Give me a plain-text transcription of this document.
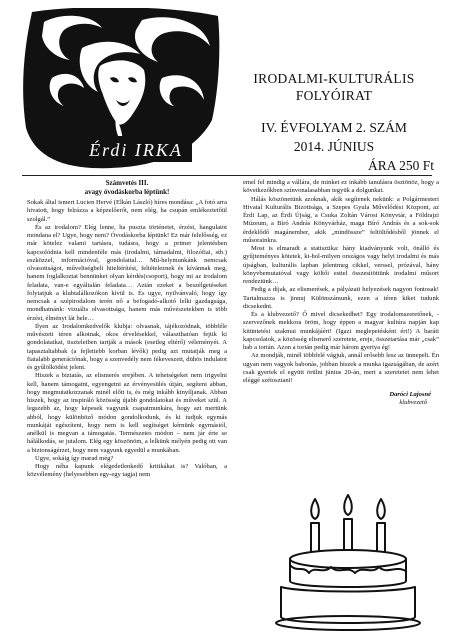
Érdi IRKA
IRODALMI-KULTURÁLIS
FOLYÓIRAT
IV. ÉVFOLYAM 2. SZÁM
2014. JÚNIUS
ÁRA 250 Ft
Számvetés III.
avagy óvodáskorba léptünk!

Sokak által ismert Lucien Hervé (Elkán László) híres mondása: „A fotó arra hivatott, hogy felrázza a képzelőerőt, nem elég, ha csupán emlékeztetőül szolgál.”

És az irodalom? Elég lenne, ha puszta történetet, érzést, hangulatot mondana el? Ugye, hogy nem? Óvodáskorba léptünk! Ez már felelősség, ez már kötelez valami tartásra, tudásra, hogy a primer jelentésben kapcsolódnia kell mindenféle más (irodalmi, támadalmi, filozófiai, stb.) eszközzel, információval, gondolattal… Mű-helymunkánk nemcsak olvasottságot, műveltségbeli hiteltérítést, feltételeznek és kívánnak meg, hanem foglalkoztat bennünket olyan kérdés(csoport), hogy mi az irodalom feladata, van-e egyáltalán feladata… Aztán ezeket a beszélgetéseket folytatjuk a klubtalálkozókon kívül is. És ugye, nyilvánvaló, hogy így nemcsak a szépirodalom terén nő a befogadó-alkotó lelki gazdagsága, mondhatnánk: vizuális olvasottsága, hanem más művészetekben is több érzést, élményt lát bele…

Ilyen az Irodalomkedvelők klubja: olvasnak, tájékozódnak, többféle művészeti téren alkotnak, okos érvelésekkel, választhatóan fejtik ki gondolataikat, tiszteletben tartják a mások (esetleg eltérő) véleményét. A tapasztaltabbak (a fejlettebb korban lévők) pedig azt mutatják meg a fiatalabb generációnak, hogy a szenvedély nem fékeveszett, dühös indulatot és gyűlölködést jelent.

Hiszek a biztatás, az elismerés erejében. A tehetségeket nem irigyelni kell, hanem támogatni, egyengetni az érvényesülés útján, segíteni abban, hogy megmutatkozzanak minél előtt is, és még inkább kinyíljanak. Abban hiszek, hogy az inspiráló közösség újabb gondolatokat és műveket szül. A legszebb az, hogy képesek vagyunk csapatmunkára, hogy azt mertünk abból, hogy különböző módon gondolkodunk, és ki tudjuk egymás munkáját egészíteni, hogy nem is kell segítséget kérnünk egymástól, anélkül is megvan a támogatás. Természetes módon – nem jár érte se hálálkodás, se jutalom. Elég egy köszönöm, a lelkünk mélyén pedig ott van a biztonságérzet, hogy nem vagyunk egyedül a munkában.

Ugye, sokáig így marad még?

Hogy néha kapunk elégedetlenkedő kritikákat is? Valóban, a közvélemény (helyesebben egy-egy tagja) nem

emel fel mindig a vállára, de minket ez inkább tanulásra ösztönöz, hogy a következőkben színvonalasabban tegyük a dolgunkat.

Hálás köszönetünk azoknak, akik segítenek nekünk: a Polgármesteri Hivatal Kulturális Bizottsága, a Szepes Gyula Művelődési Központ, az Érdi Lap, az Érdi Újság, a Csuka Zoltán Városi Könyvtár, a Földrajzi Múzeum, a Bíró András Könyvárház, maga Bíró András és a sok-sok érdeklődő magánember, akik „mindössze” feltöltődésből jönnek el műsorainkra.

Most is elmaradt a statisztika: hány kiadványunk volt, önálló és gyűjteményes kötetek, ki-hol-milyen országos vagy helyi irodalmi és más újságban, kulturális lapban jelentmeg cikkel, verssel, prózával, hány könyvbemutatóval vagy költői esttel összesítöttünk irodalmi műsort rendeztünk…

Pedig a díjak, az elismerések, a pályázati helyezések nagyon fontosak! Tartalmazza is jinnuj Különszámunk, ezen a téren kiket tudunk dicsekedni.

És a klubvezető? Ő mivel dicsekedhet? Egy irodalomszeretőnek, -szervezőnek mekkora öröm, hogy éppen a magyar kultúra napján kap kitüntetést szakmai munkájáért! (Igazi meglepetésként ért!) A baráti kapcsolatok, a közösség elismerő szeretete, ereje, összetartása már „csak” hab a tortán. Azon a tortán pedig már három gyertya ég!

Az mondják, minél többfelé vágjuk, annál erősebb lesz az ünnepelt. Én ugyan nem vagyok babonás, jobban hiszek a munka igazságában, de azért csak gyertek el együtt örülni június 20-án, mert a szeretetet nem lehet eléggé szétosztani!

Daróci Lajosné
klubvezető
